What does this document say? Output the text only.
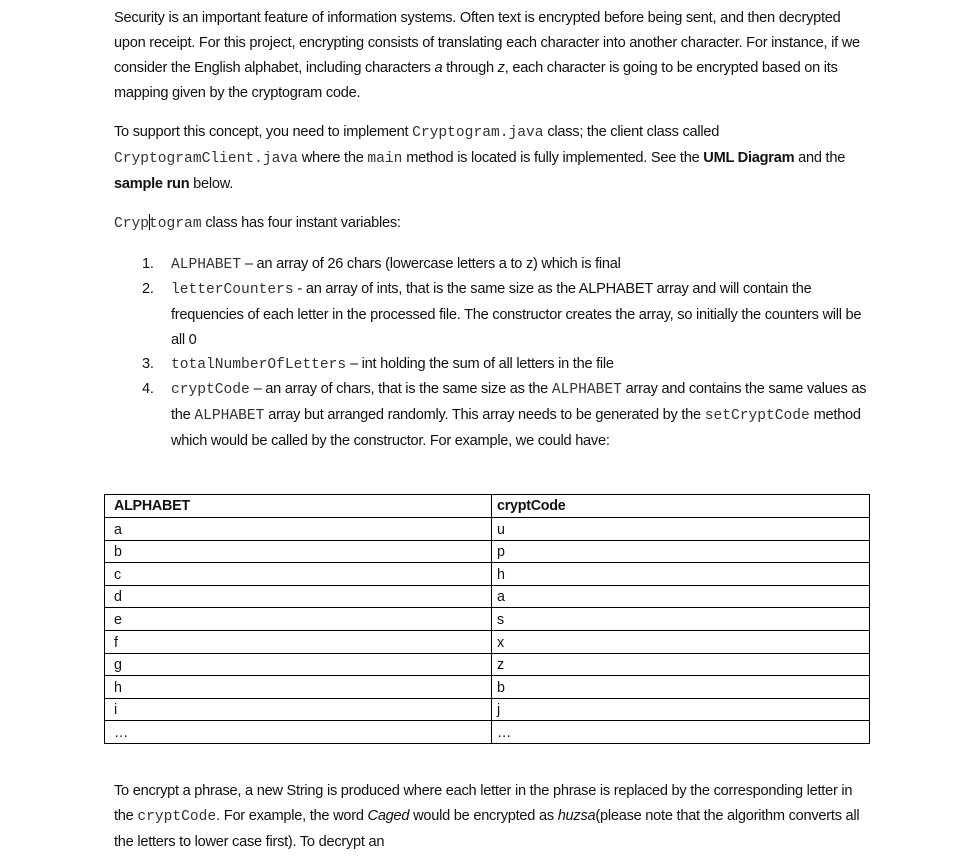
Security is an important feature of information systems. Often text is encrypted before being sent, and then decrypted upon receipt. For this project, encrypting consists of translating each character into another character. For instance, if we consider the English alphabet, including characters a through z, each character is going to be encrypted based on its mapping given by the cryptogram code.
To support this concept, you need to implement Cryptogram.java class; the client class called CryptogramClient.java where the main method is located is fully implemented. See the UML Diagram and the sample run below.
Cryptogram class has four instant variables:
1. ALPHABET – an array of 26 chars (lowercase letters a to z) which is final
2. letterCounters - an array of ints, that is the same size as the ALPHABET array and will contain the frequencies of each letter in the processed file. The constructor creates the array, so initially the counters will be all 0
3. totalNumberOfLetters – int holding the sum of all letters in the file
4. cryptCode – an array of chars, that is the same size as the ALPHABET array and contains the same values as the ALPHABET array but arranged randomly. This array needs to be generated by the setCryptCode method which would be called by the constructor. For example, we could have:
ALPHABET	cryptCode
a	u
b	p
c	h
d	a
e	s
f	x
g	z
h	b
i	j
…	…
To encrypt a phrase, a new String is produced where each letter in the phrase is replaced by the corresponding letter in the cryptCode. For example, the word Caged would be encrypted as huzsa(please note that the algorithm converts all the letters to lower case first). To decrypt an
